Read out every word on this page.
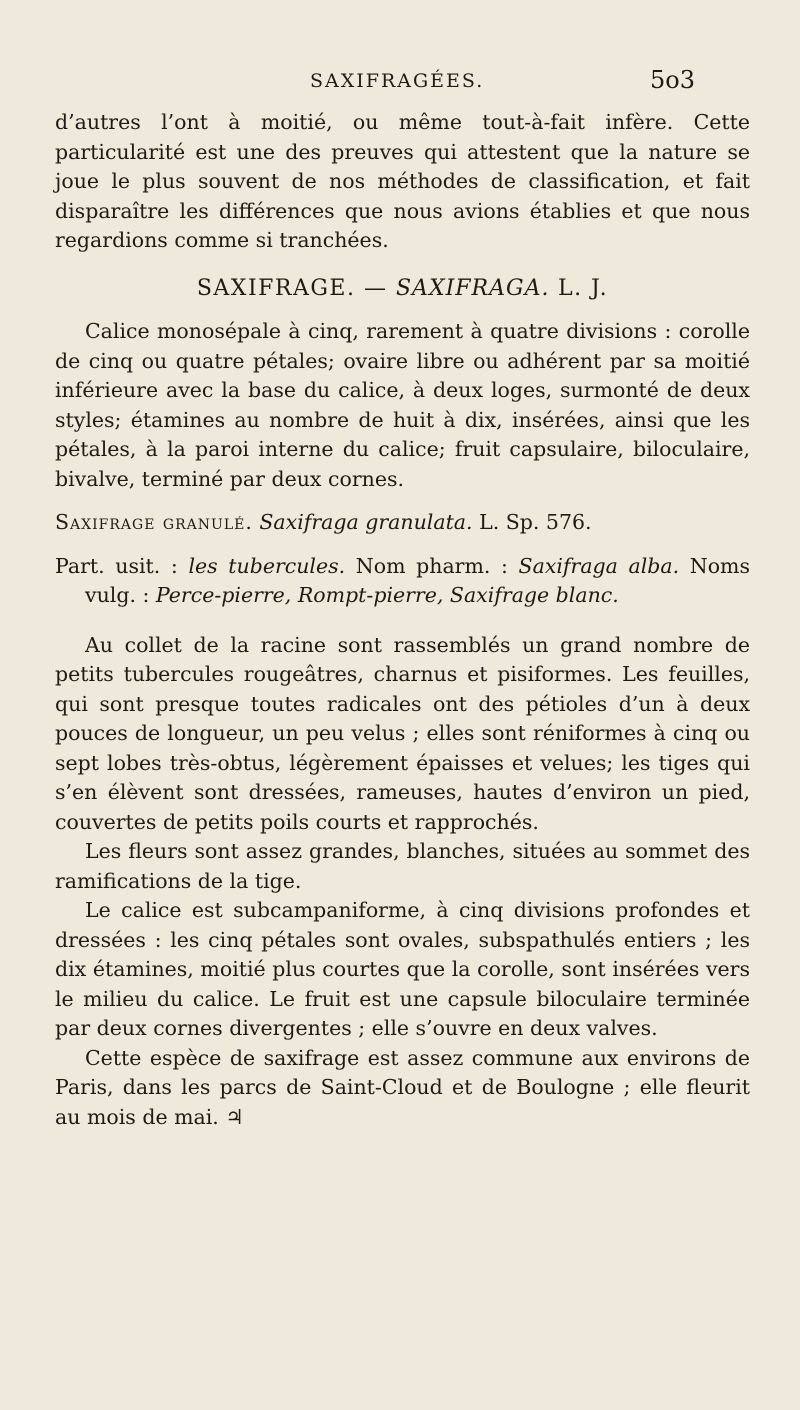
SAXIFRAGÉES.	5o3

d’autres l’ont à moitié, ou même tout-à-fait infère. Cette particularité est une des preuves qui attestent que la nature se joue le plus souvent de nos méthodes de classification, et fait disparaître les différences que nous avions établies et que nous regardions comme si tranchées.

SAXIFRAGE. — SAXIFRAGA. L. J.

Calice monosépale à cinq, rarement à quatre divisions : corolle de cinq ou quatre pétales; ovaire libre ou adhérent par sa moitié inférieure avec la base du calice, à deux loges, surmonté de deux styles; étamines au nombre de huit à dix, insérées, ainsi que les pétales, à la paroi interne du calice; fruit capsulaire, biloculaire, bivalve, terminé par deux cornes.

Saxifrage granulé. Saxifraga granulata. L. Sp. 576.

Part. usit. : les tubercules. Nom pharm. : Saxifraga alba. Noms vulg. : Perce-pierre, Rompt-pierre, Saxifrage blanc.

Au collet de la racine sont rassemblés un grand nombre de petits tubercules rougeâtres, charnus et pisiformes. Les feuilles, qui sont presque toutes radicales ont des pétioles d’un à deux pouces de longueur, un peu velus ; elles sont réniformes à cinq ou sept lobes très-obtus, légèrement épaisses et velues; les tiges qui s’en élèvent sont dressées, rameuses, hautes d’environ un pied, couvertes de petits poils courts et rapprochés.

Les fleurs sont assez grandes, blanches, situées au sommet des ramifications de la tige.

Le calice est subcampaniforme, à cinq divisions profondes et dressées : les cinq pétales sont ovales, subspathulés entiers ; les dix étamines, moitié plus courtes que la corolle, sont insérées vers le milieu du calice. Le fruit est une capsule biloculaire terminée par deux cornes divergentes ; elle s’ouvre en deux valves.

Cette espèce de saxifrage est assez commune aux environs de Paris, dans les parcs de Saint-Cloud et de Boulogne ; elle fleurit au mois de mai. ♃
